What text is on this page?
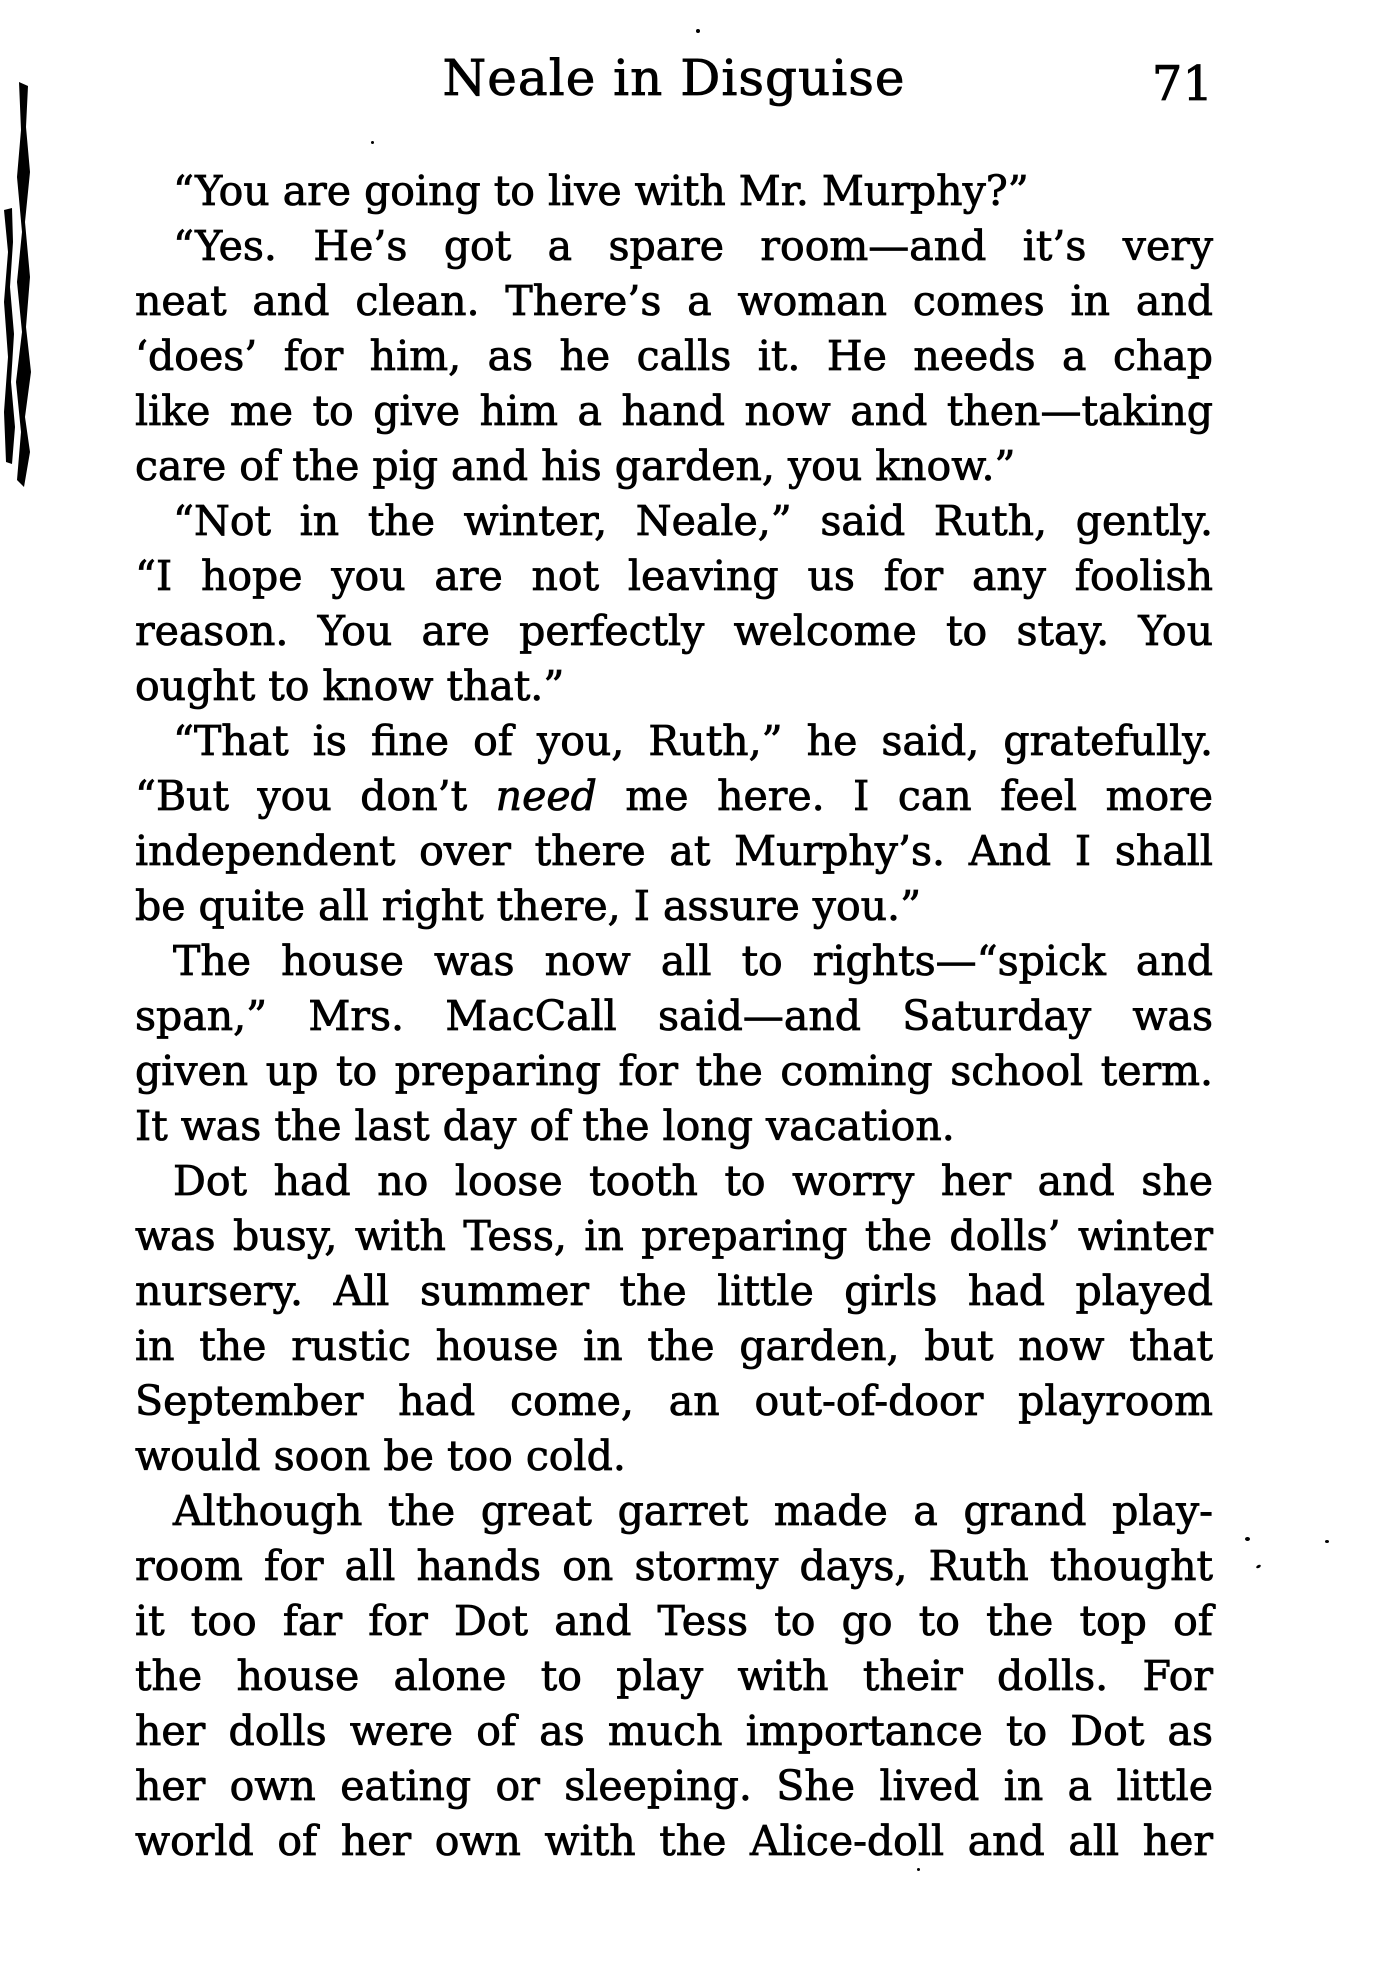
Neale in Disguise	71
“You are going to live with Mr. Murphy?”
“Yes. He’s got a spare room—and it’s very
neat and clean. There’s a woman comes in and
‘does’ for him, as he calls it. He needs a chap
like me to give him a hand now and then—taking
care of the pig and his garden, you know.”
“Not in the winter, Neale,” said Ruth, gently.
“I hope you are not leaving us for any foolish
reason. You are perfectly welcome to stay. You
ought to know that.”
“That is fine of you, Ruth,” he said, gratefully.
“But you don’t need me here. I can feel more
independent over there at Murphy’s. And I shall
be quite all right there, I assure you.”
The house was now all to rights—“spick and
span,” Mrs. MacCall said—and Saturday was
given up to preparing for the coming school term.
It was the last day of the long vacation.
Dot had no loose tooth to worry her and she
was busy, with Tess, in preparing the dolls’ winter
nursery. All summer the little girls had played
in the rustic house in the garden, but now that
September had come, an out-of-door playroom
would soon be too cold.
Although the great garret made a grand play-
room for all hands on stormy days, Ruth thought
it too far for Dot and Tess to go to the top of
the house alone to play with their dolls. For
her dolls were of as much importance to Dot as
her own eating or sleeping. She lived in a little
world of her own with the Alice-doll and all her
